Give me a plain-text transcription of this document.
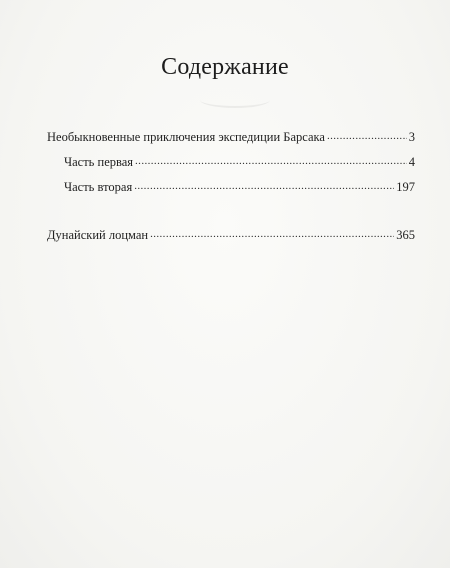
Содержание
Необыкновенные приключения экспедиции Барсака .....	3
Часть первая .....	4
Часть вторая .....	197
Дунайский лоцман .....	365
